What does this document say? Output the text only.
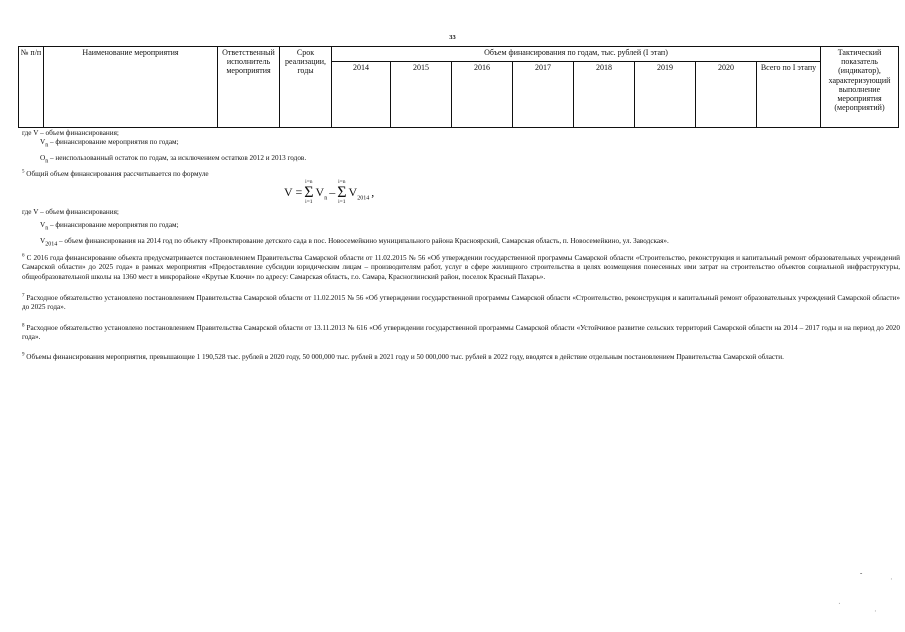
33
№ п/п	Наименование мероприятия	Ответственный исполнитель мероприятия	Срок реализации, годы	Объем финансирования по годам, тыс. рублей (I этап)								Тактический показатель (индикатор), характеризующий выполнение мероприятия (мероприятий)
				2014	2015	2016	2017	2018	2019	2020	Всего по I этапу	

где V – объем финансирования;

$V_n$ – финансирование мероприятия по годам;

$O_n$ – неиспользованный остаток по годам, за исключением остатков 2012 и 2013 годов.

$^5$ Общий объем финансирования рассчитывается по формуле

где V – объем финансирования;

$V_n$ – финансирование мероприятия по годам;

$V_{2014}$ – объем финансирования на 2014 год по объекту «Проектирование детского сада в пос. Новосемейкино муниципального района Красноярский, Самарская область, п. Новосемейкино, ул. Заводская».

$^6$ С 2016 года финансирование объекта предусматривается постановлением Правительства Самарской области от 11.02.2015 № 56 «Об утверждении государственной программы Самарской области «Строительство, реконструкция и капитальный ремонт образовательных учреждений Самарской области» до 2025 года» в рамках мероприятия «Предоставление субсидии юридическим лицам – производителям работ, услуг в сфере жилищного строительства в целях возмещения понесенных ими затрат на строительство объектов социальной инфраструктуры, общеобразовательной школы на 1360 мест в микрорайоне «Крутые Ключи» по адресу: Самарская область, г.о. Самара, Красноглинский район, поселок Красный Пахарь».

$^7$ Расходное обязательство установлено постановлением Правительства Самарской области от 11.02.2015 № 56 «Об утверждении государственной программы Самарской области «Строительство, реконструкция и капитальный ремонт образовательных учреждений Самарской области» до 2025 года».

$^8$ Расходное обязательство установлено постановлением Правительства Самарской области от 13.11.2013 № 616 «Об утверждении государственной программы Самарской области «Устойчивое развитие сельских территорий Самарской области на 2014 – 2017 годы и на период до 2020 года».

$^9$ Объемы финансирования мероприятия, превышающие 1 190,528 тыс. рублей в 2020 году, 50 000,000 тыс. рублей в 2021 году и 50 000,000 тыс. рублей в 2022 году, вводятся в действие отдельным постановлением Правительства Самарской области.

V =
i=n
Σ
i=1
$V_n$ –
i=n
Σ
i=1
$V_{2014}$ ,
˘	ˌ
ˈ	ˌ
